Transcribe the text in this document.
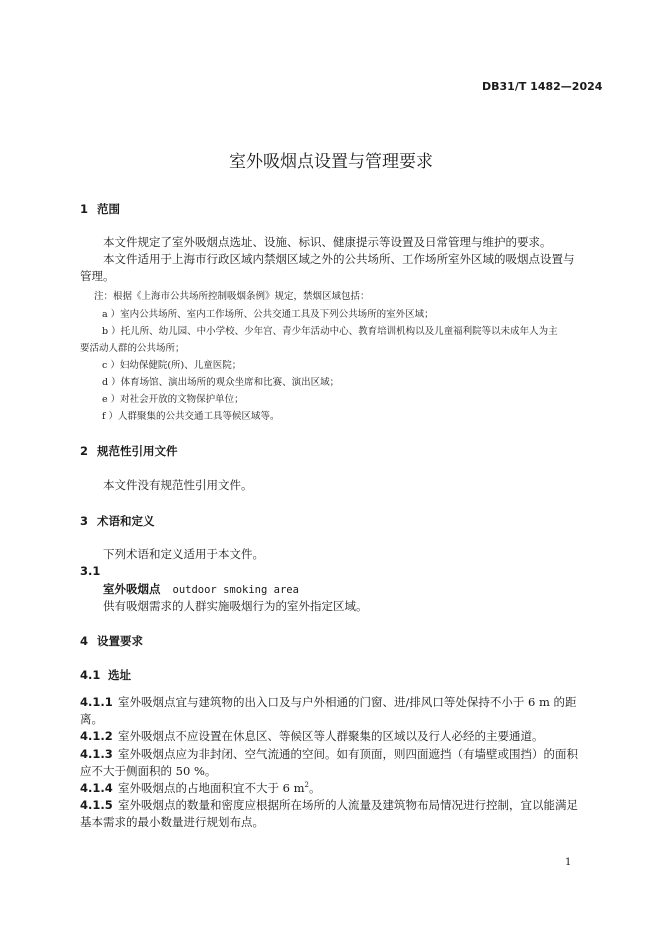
DB31/T 1482—2024
室外吸烟点设置与管理要求
1 范围
本文件规定了室外吸烟点选址、设施、标识、健康提示等设置及日常管理与维护的要求。
本文件适用于上海市行政区域内禁烟区域之外的公共场所、工作场所室外区域的吸烟点设置与
管理。
注：根据《上海市公共场所控制吸烟条例》规定，禁烟区域包括：
a ）室内公共场所、室内工作场所、公共交通工具及下列公共场所的室外区域；
b ）托儿所、幼儿园、中小学校、少年宫、青少年活动中心、教育培训机构以及儿童福利院等以未成年人为主
要活动人群的公共场所；
c ）妇幼保健院(所)、儿童医院；
d ）体育场馆、演出场所的观众坐席和比赛、演出区域；
e ）对社会开放的文物保护单位；
f ）人群聚集的公共交通工具等候区域等。
2 规范性引用文件
本文件没有规范性引用文件。
3 术语和定义
下列术语和定义适用于本文件。
3.1
室外吸烟点 outdoor smoking area
供有吸烟需求的人群实施吸烟行为的室外指定区域。
4 设置要求
4.1 选址
4.1.1 室外吸烟点宜与建筑物的出入口及与户外相通的门窗、进/排风口等处保持不小于 6 m 的距
离。
4.1.2 室外吸烟点不应设置在休息区、等候区等人群聚集的区域以及行人必经的主要通道。
4.1.3 室外吸烟点应为非封闭、空气流通的空间。如有顶面，则四面遮挡（有墙壁或围挡）的面积
应不大于侧面积的 50 %。
4.1.4 室外吸烟点的占地面积宜不大于 6 $m^2$。
4.1.5 室外吸烟点的数量和密度应根据所在场所的人流量及建筑物布局情况进行控制，宜以能满足
基本需求的最小数量进行规划布点。
1
